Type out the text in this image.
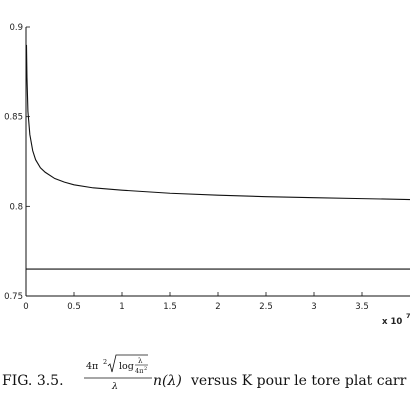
0	0.5	1	1.5	2	2.5	3	3.5
0.75
0.8
0.85
0.9
x 10
7
FIG. 3.5.
4π 2 log λ
4π 2
λ n(λ) versus K pour le tore plat carr
